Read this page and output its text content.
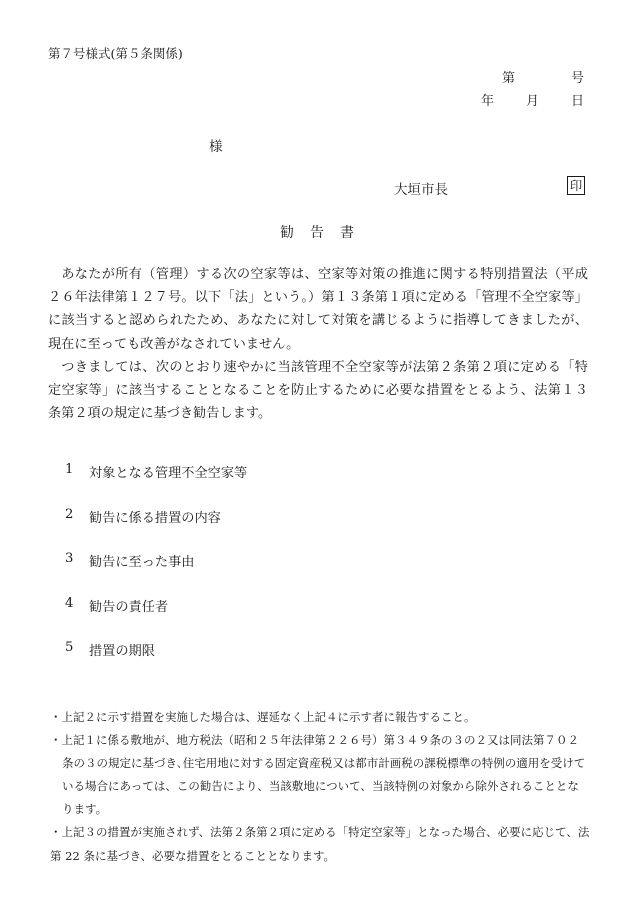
第７号様式(第５条関係)
第	号
年 月 日
様
大垣市長	印
勧告書

あなたが所有（管理）する次の空家等は、空家等対策の推進に関する特別措置法（平成２６年法律第１２７号。以下「法」という。）第１３条第１項に定める「管理不全空家等」に該当すると認められたため、あなたに対して対策を講じるように指導してきましたが、現在に至っても改善がなされていません。

つきましては、次のとおり速やかに当該管理不全空家等が法第２条第２項に定める「特定空家等」に該当することとなることを防止するために必要な措置をとるよう、法第１３条第２項の規定に基づき勧告します。

1	対象となる管理不全空家等
2	勧告に係る措置の内容
3	勧告に至った事由
4	勧告の責任者
5	措置の期限

・上記２に示す措置を実施した場合は、遅延なく上記４に示す者に報告すること。

・上記１に係る敷地が、地方税法（昭和２５年法律第２２６号）第３４９条の３の２又は同法第７０２条の３の規定に基づき､住宅用地に対する固定資産税又は都市計画税の課税標準の特例の適用を受けている場合にあっては、この勧告により、当該敷地について、当該特例の対象から除外されることとなります。

・上記３の措置が実施されず、法第２条第２項に定める「特定空家等」となった場合、必要に応じて、法第 22 条に基づき、必要な措置をとることとなります。
